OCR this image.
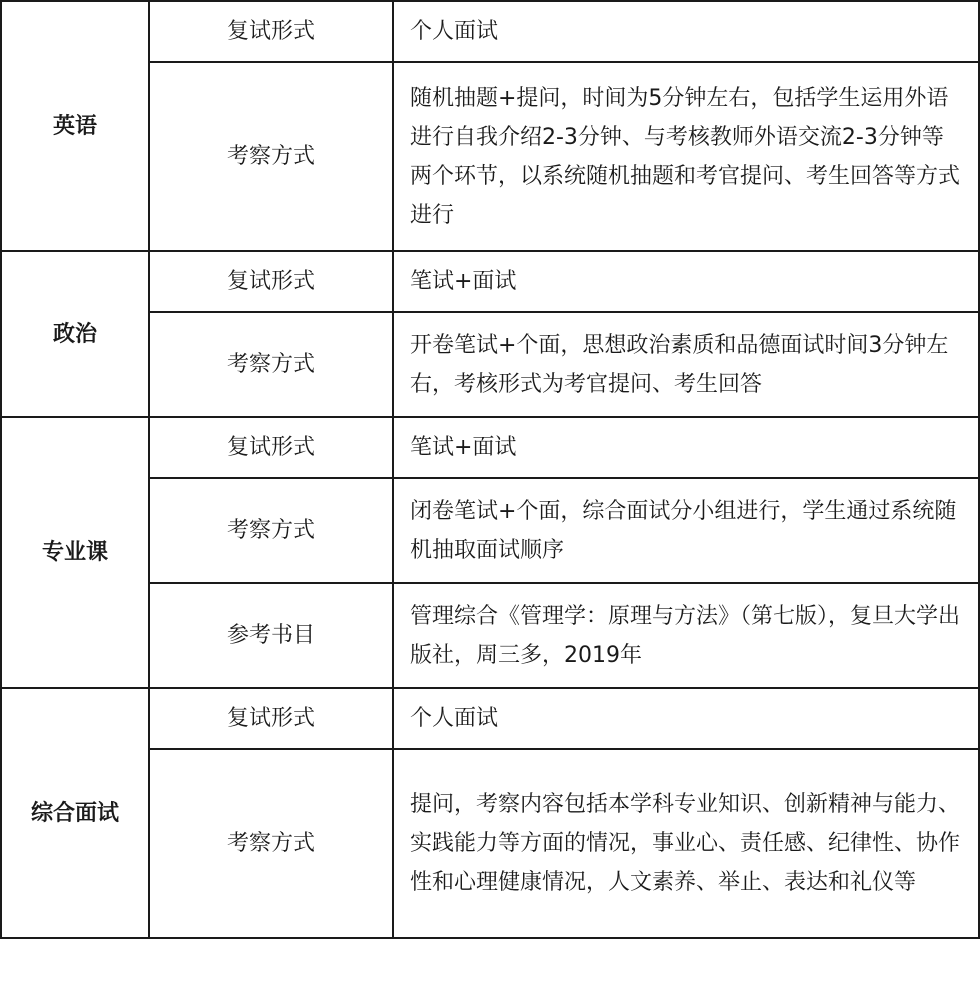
英语	复试形式	个人面试
	考察方式	随机抽题+提问，时间为5分钟左右，包括学生运用外语进行自我介绍2-3分钟、与考核教师外语交流2-3分钟等两个环节，以系统随机抽题和考官提问、考生回答等方式进行
政治	复试形式	笔试+面试
	考察方式	开卷笔试+个面，思想政治素质和品德面试时间3分钟左右，考核形式为考官提问、考生回答
专业课	复试形式	笔试+面试
	考察方式	闭卷笔试+个面，综合面试分小组进行，学生通过系统随机抽取面试顺序
	参考书目	管理综合《管理学：原理与方法》（第七版），复旦大学出版社，周三多，2019年
综合面试	复试形式	个人面试
	考察方式	提问，考察内容包括本学科专业知识、创新精神与能力、实践能力等方面的情况，事业心、责任感、纪律性、协作性和心理健康情况，人文素养、举止、表达和礼仪等
